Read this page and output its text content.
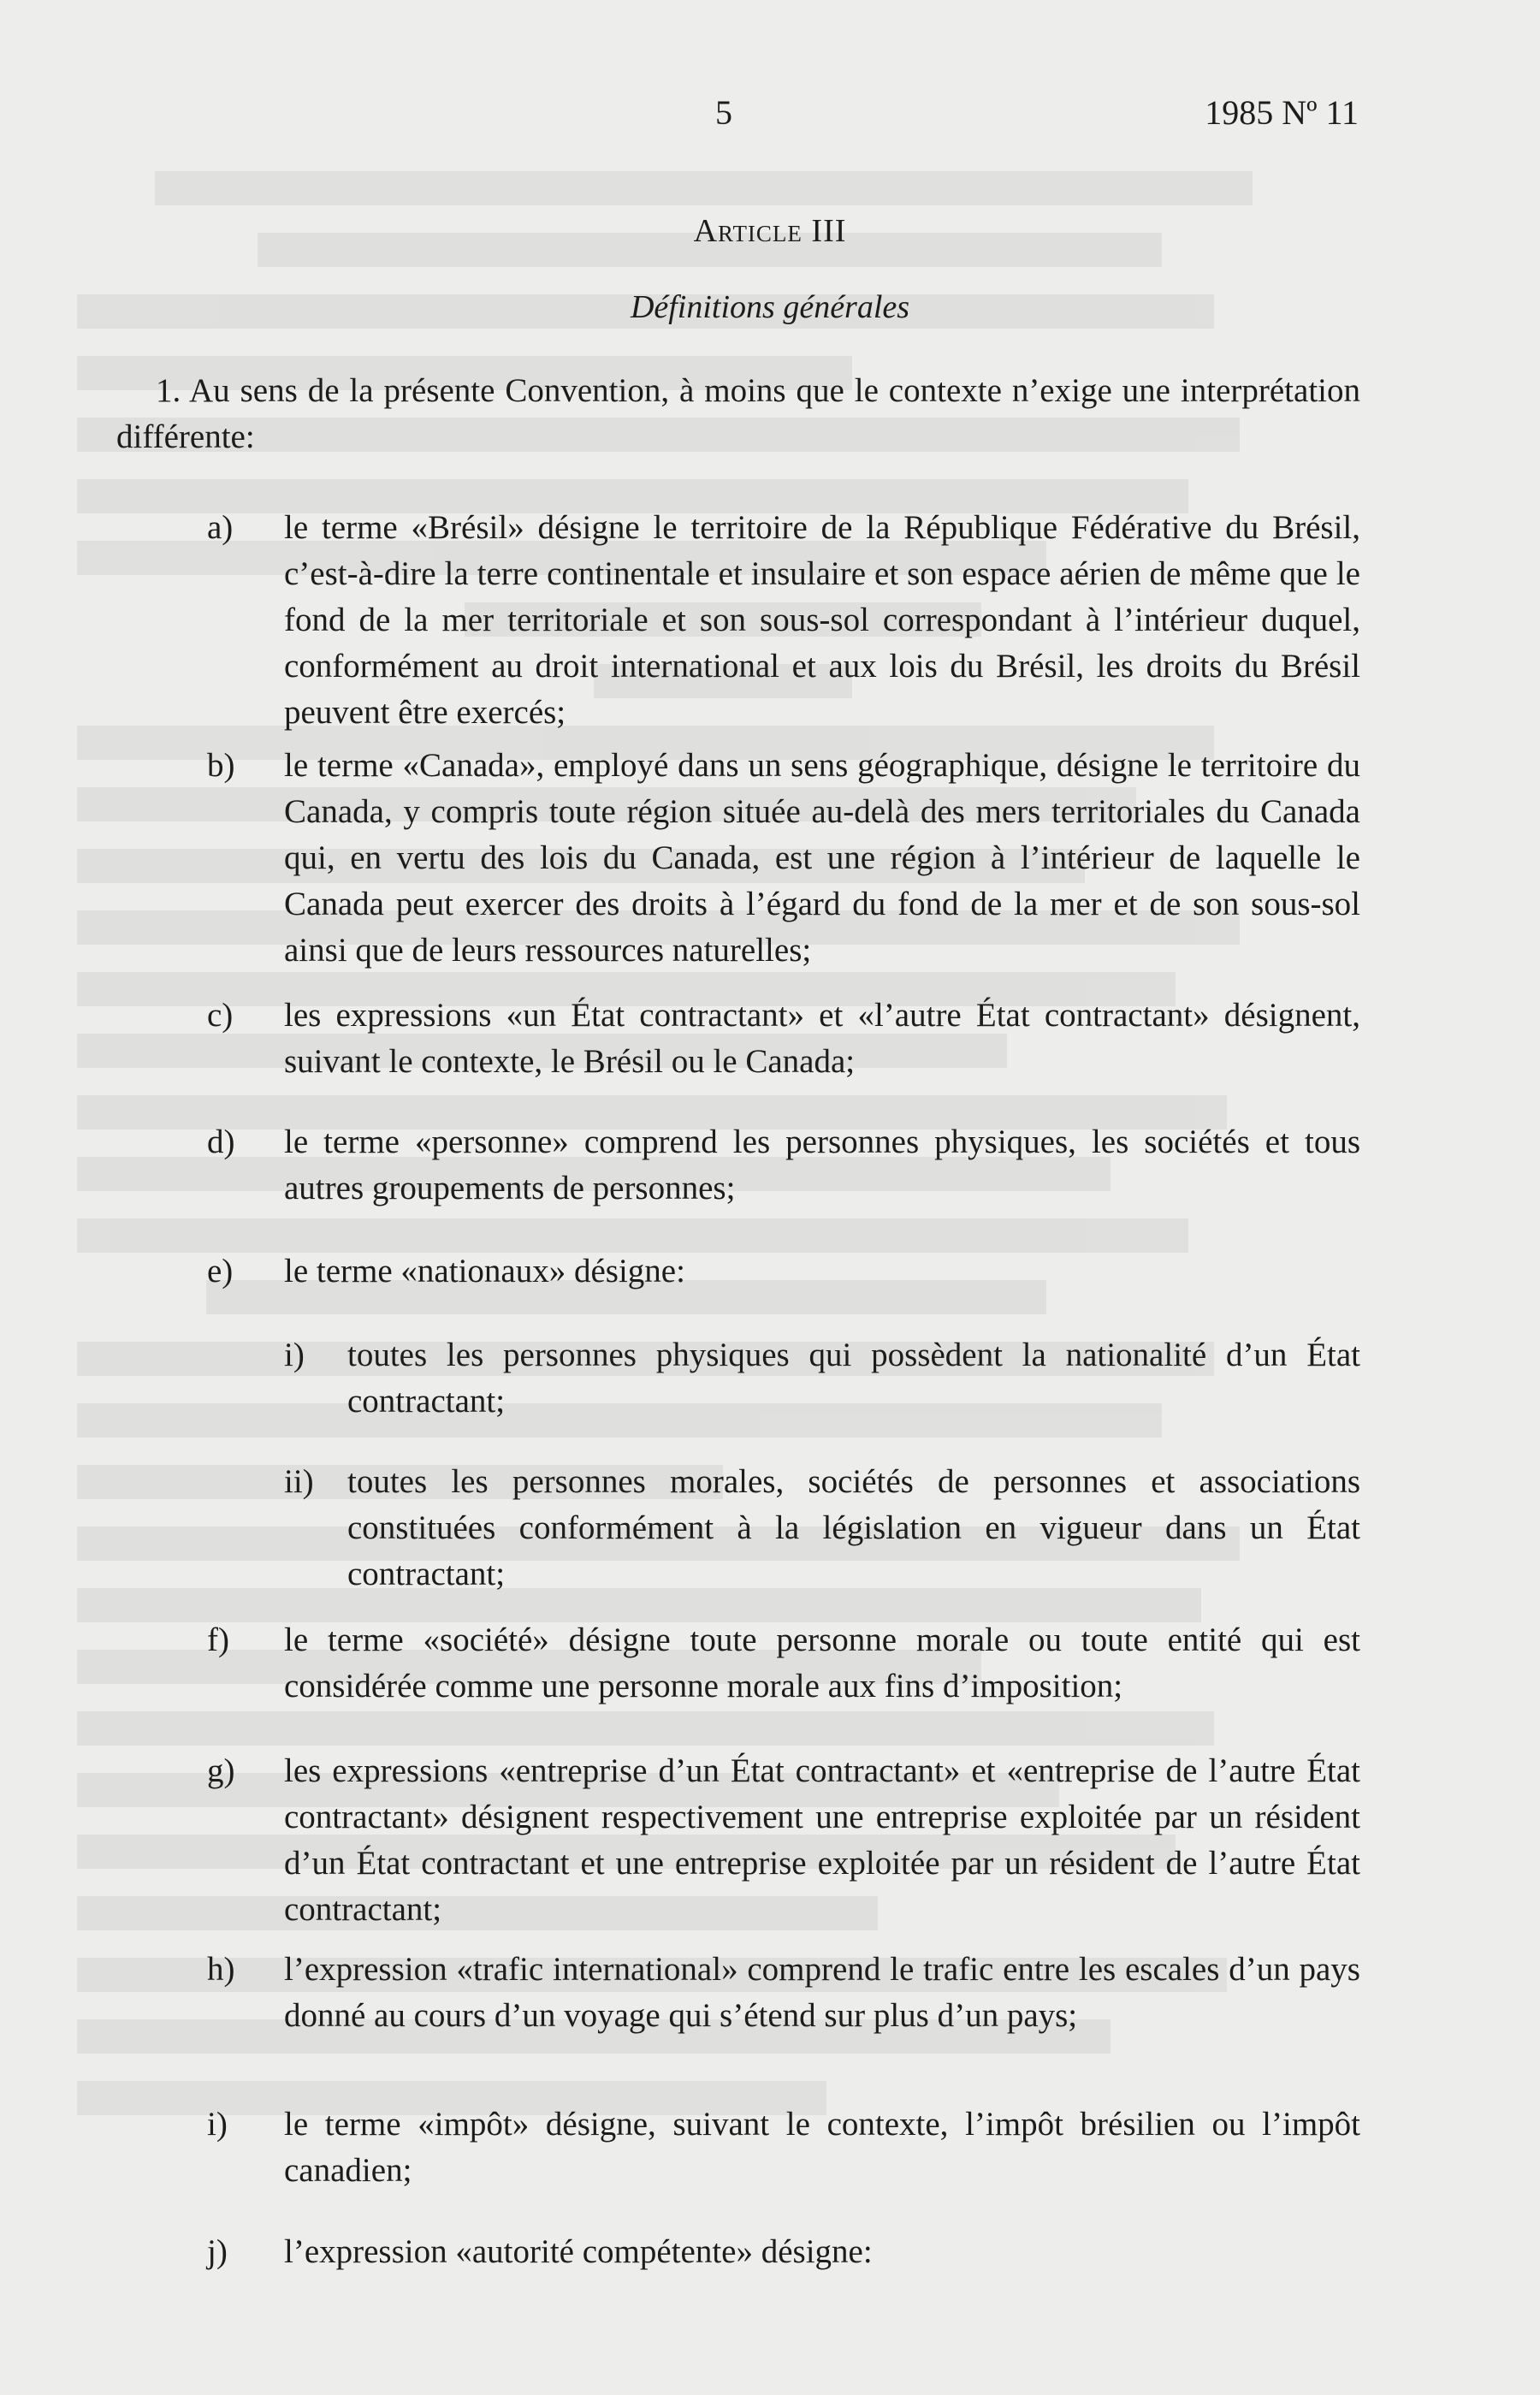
5	1985 Nº 11
Article III
Définitions générales
1. Au sens de la présente Convention, à moins que le contexte n’exige une interprétation différente:
a) le terme «Brésil» désigne le territoire de la République Fédérative du Brésil, c’est-à-dire la terre continentale et insulaire et son espace aérien de même que le fond de la mer territoriale et son sous-sol correspondant à l’intérieur duquel, conformément au droit international et aux lois du Brésil, les droits du Brésil peuvent être exercés;
b) le terme «Canada», employé dans un sens géographique, désigne le territoire du Canada, y compris toute région située au-delà des mers territoriales du Canada qui, en vertu des lois du Canada, est une région à l’intérieur de laquelle le Canada peut exercer des droits à l’égard du fond de la mer et de son sous-sol ainsi que de leurs ressources naturelles;
c) les expressions «un État contractant» et «l’autre État contractant» désignent, suivant le contexte, le Brésil ou le Canada;
d) le terme «personne» comprend les personnes physiques, les sociétés et tous autres groupements de personnes;
e) le terme «nationaux» désigne:
i) toutes les personnes physiques qui possèdent la nationalité d’un État contractant;
ii) toutes les personnes morales, sociétés de personnes et associations constituées conformément à la législation en vigueur dans un État contractant;
f) le terme «société» désigne toute personne morale ou toute entité qui est considérée comme une personne morale aux fins d’imposition;
g) les expressions «entreprise d’un État contractant» et «entreprise de l’autre État contractant» désignent respectivement une entreprise exploitée par un résident d’un État contractant et une entreprise exploitée par un résident de l’autre État contractant;
h) l’expression «trafic international» comprend le trafic entre les escales d’un pays donné au cours d’un voyage qui s’étend sur plus d’un pays;
i) le terme «impôt» désigne, suivant le contexte, l’impôt brésilien ou l’impôt canadien;
j) l’expression «autorité compétente» désigne:
